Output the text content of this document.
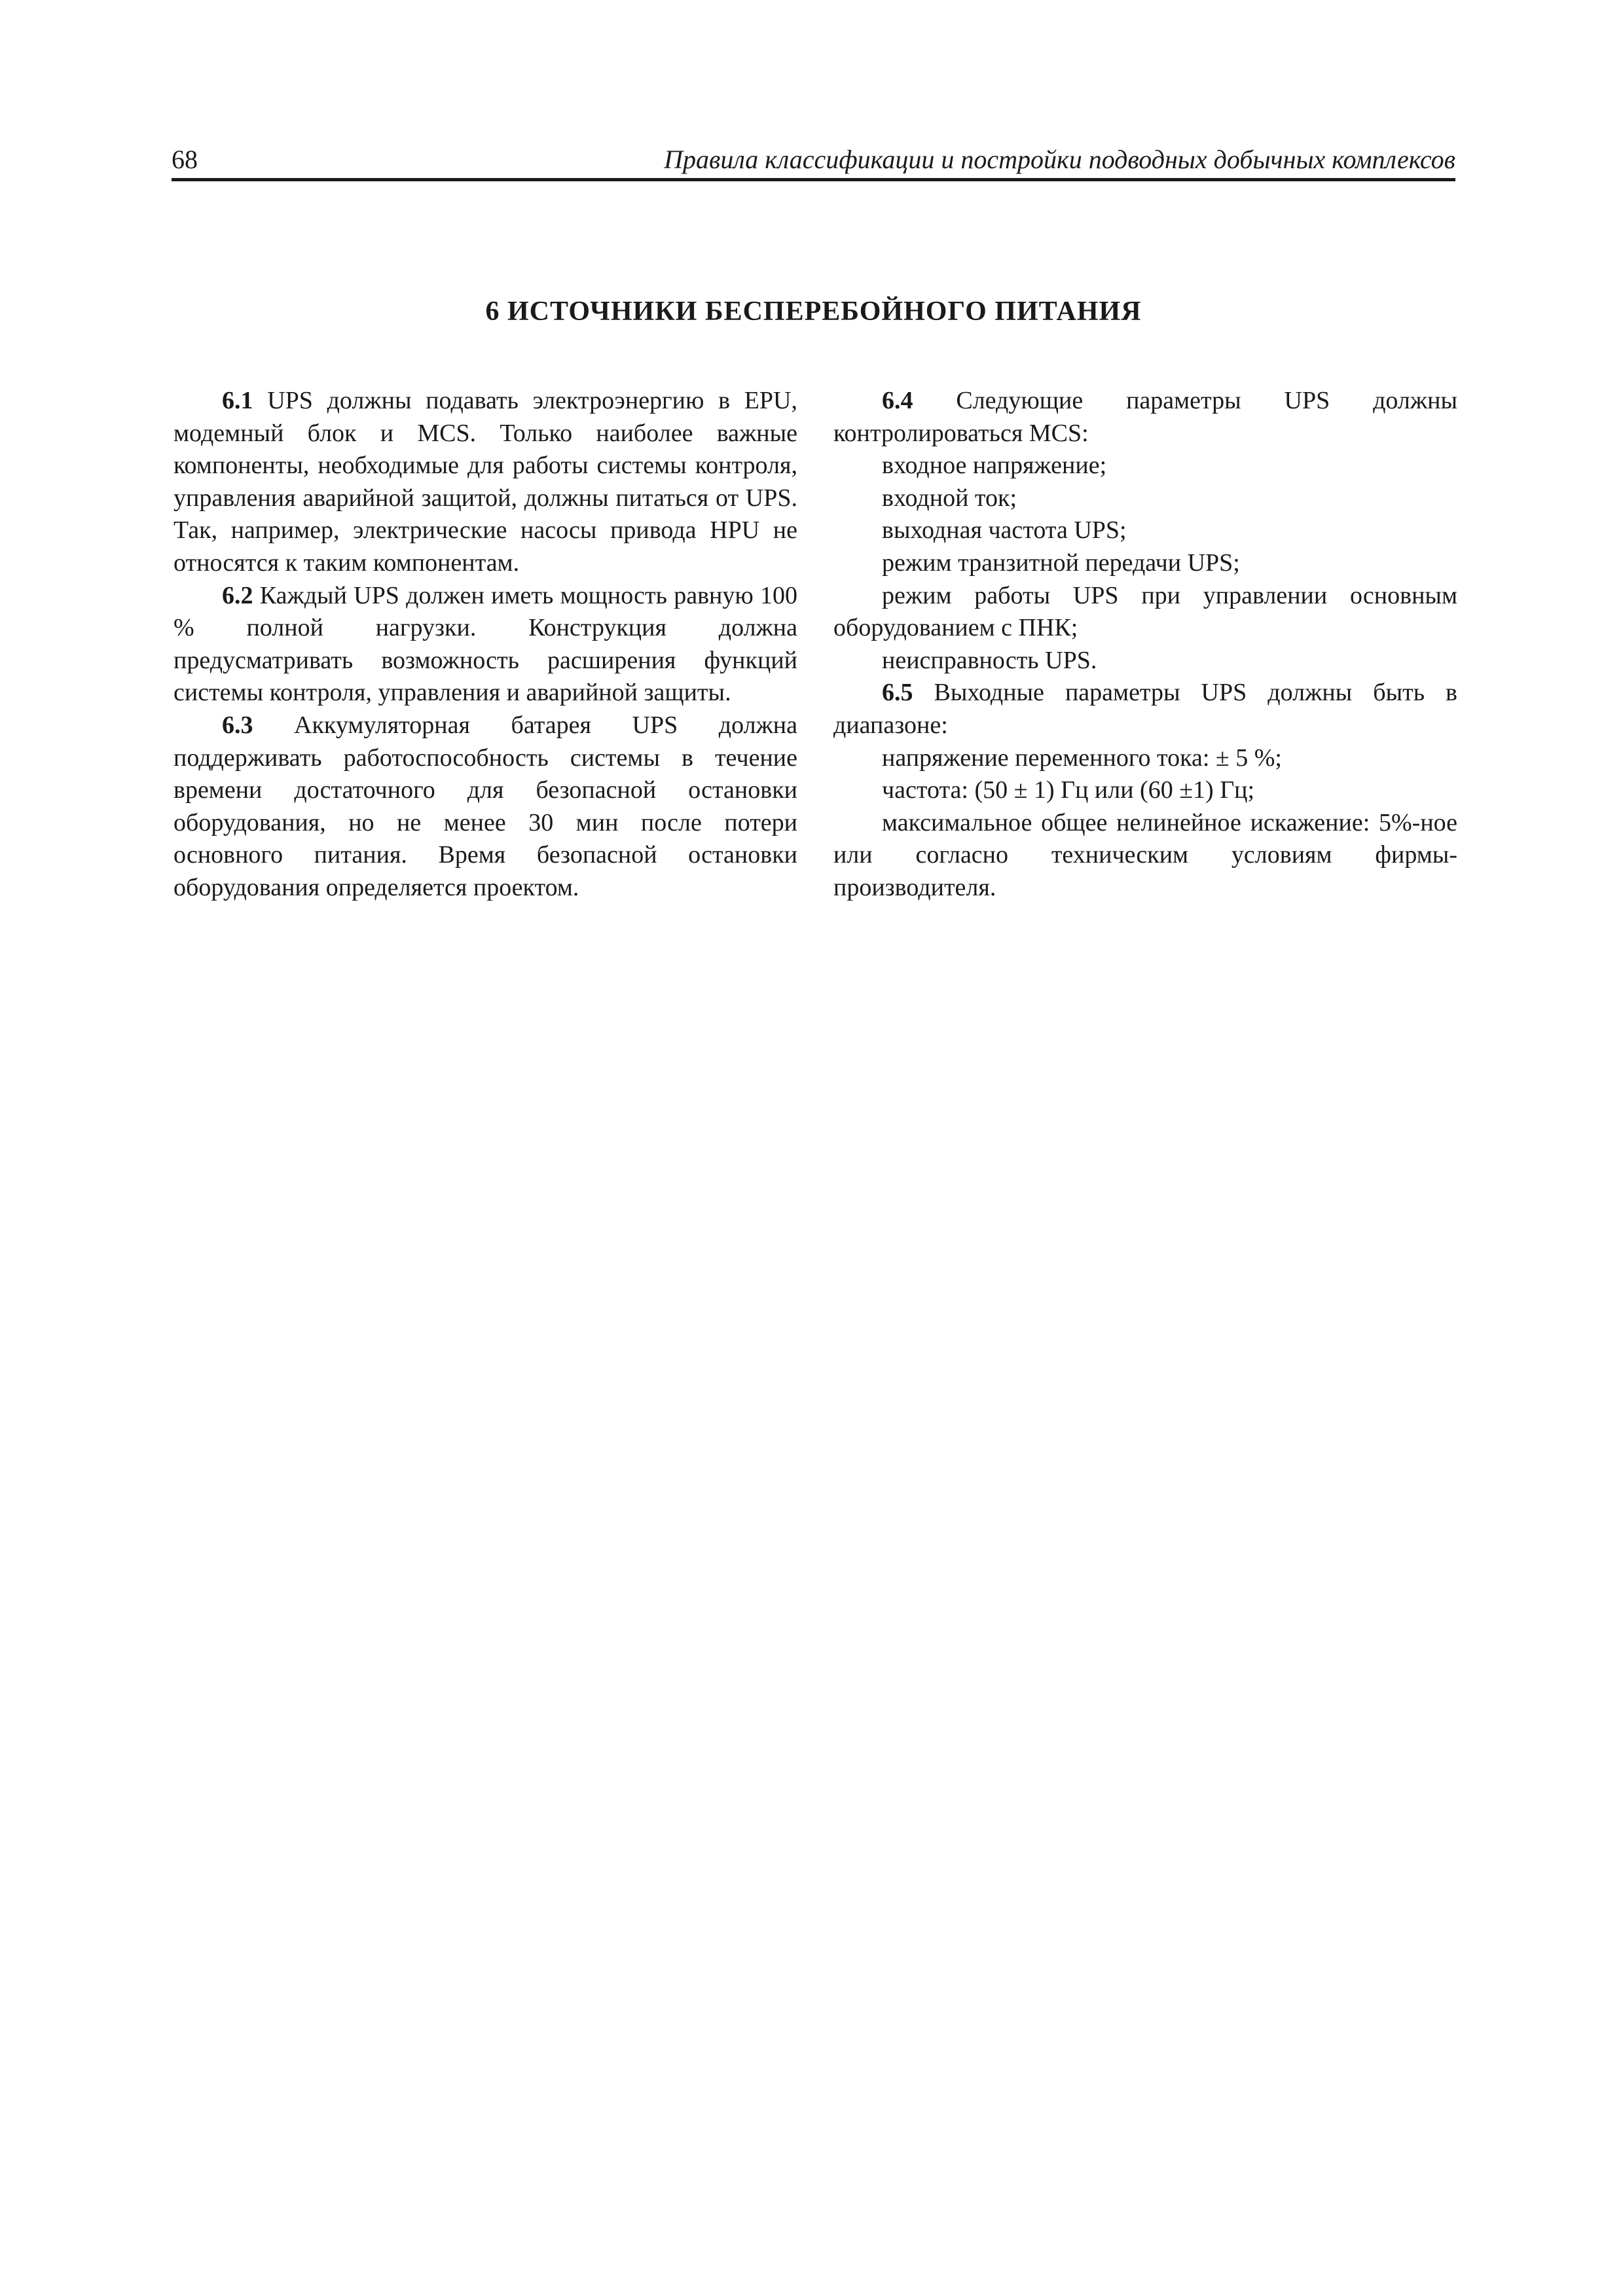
68	Правила классификации и постройки подводных добычных комплексов
6 ИСТОЧНИКИ БЕСПЕРЕБОЙНОГО ПИТАНИЯ

6.1 UPS должны подавать электроэнергию в EPU, модемный блок и MCS. Только наиболее важные компоненты, необходимые для работы системы контроля, управления аварийной защитой, должны питаться от UPS. Так, например, электрические насосы привода HPU не относятся к таким компонентам.

6.2 Каждый UPS должен иметь мощность равную 100 % полной нагрузки. Конструкция должна предусматривать возможность расширения функций системы контроля, управления и аварийной защиты.

6.3 Аккумуляторная батарея UPS должна поддерживать работоспособность системы в течение времени достаточного для безопасной остановки оборудования, но не менее 30 мин после потери основного питания. Время безопасной остановки оборудования определяется проектом.

6.4 Следующие параметры UPS должны контролироваться MCS:

входное напряжение;

входной ток;

выходная частота UPS;

режим транзитной передачи UPS;

режим работы UPS при управлении основным оборудованием с ПНК;

неисправность UPS.

6.5 Выходные параметры UPS должны быть в диапазоне:

напряжение переменного тока: ± 5 %;

частота: (50 ± 1) Гц или (60 ±1) Гц;

максимальное общее нелинейное искажение: 5%-ное или согласно техническим условиям фирмы-производителя.
